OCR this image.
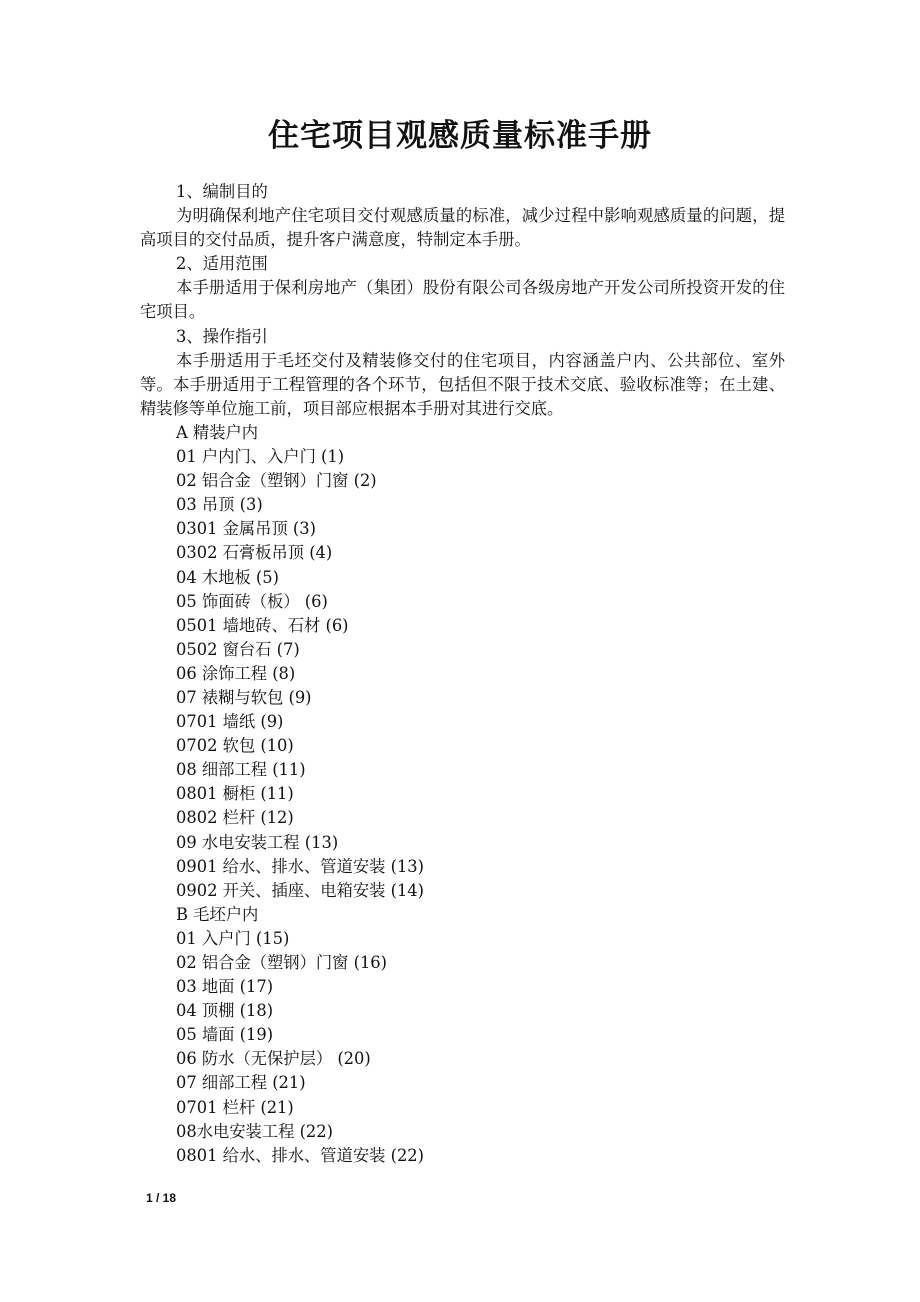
住宅项目观感质量标准手册

1、编制目的

为明确保利地产住宅项目交付观感质量的标准，减少过程中影响观感质量的问题，提高项目的交付品质，提升客户满意度，特制定本手册。

2、适用范围

本手册适用于保利房地产（集团）股份有限公司各级房地产开发公司所投资开发的住宅项目。

3、操作指引

本手册适用于毛坯交付及精装修交付的住宅项目，内容涵盖户内、公共部位、室外等。本手册适用于工程管理的各个环节，包括但不限于技术交底、验收标准等；在土建、精装修等单位施工前，项目部应根据本手册对其进行交底。

A 精装户内

01 户内门、入户门 (1)

02 铝合金（塑钢）门窗 (2)

03 吊顶 (3)

0301 金属吊顶 (3)

0302 石膏板吊顶 (4)

04 木地板 (5)

05 饰面砖（板） (6)

0501 墙地砖、石材 (6)

0502 窗台石 (7)

06 涂饰工程 (8)

07 裱糊与软包 (9)

0701 墙纸 (9)

0702 软包 (10)

08 细部工程 (11)

0801 橱柜 (11)

0802 栏杆 (12)

09 水电安装工程 (13)

0901 给水、排水、管道安装 (13)

0902 开关、插座、电箱安装 (14)

B 毛坯户内

01 入户门 (15)

02 铝合金（塑钢）门窗 (16)

03 地面 (17)

04 顶棚 (18)

05 墙面 (19)

06 防水（无保护层） (20)

07 细部工程 (21)

0701 栏杆 (21)

08水电安装工程 (22)

0801 给水、排水、管道安装 (22)

1 / 18
